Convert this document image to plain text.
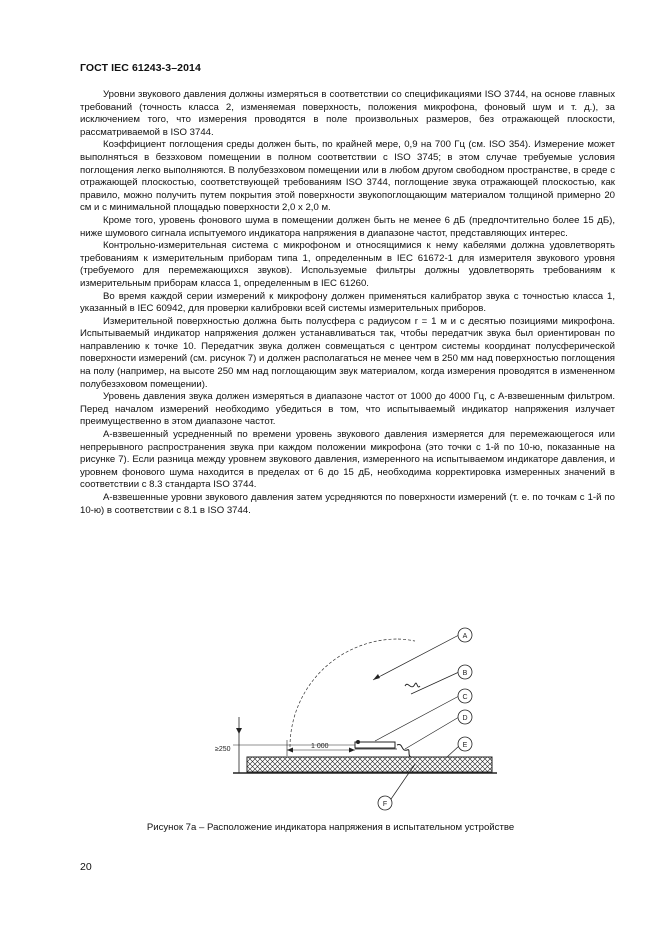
ГОСТ IEC 61243-3–2014

Уровни звукового давления должны измеряться в соответствии со спецификациями ISO 3744, на основе главных требований (точность класса 2, изменяемая поверхность, положения микрофона, фоновый шум и т. д.), за исключением того, что измерения проводятся в поле произвольных размеров, без отражающей плоскости, рассматриваемой в ISO 3744.

Коэффициент поглощения среды должен быть, по крайней мере, 0,9 на 700 Гц (см. ISO 354). Измерение может выполняться в безэховом помещении в полном соответствии с ISO 3745; в этом случае требуемые условия поглощения легко выполняются. В полубезэховом помещении или в любом другом свободном пространстве, в среде с отражающей плоскостью, соответствующей требованиям ISO 3744, поглощение звука отражающей плоскостью, как правило, можно получить путем покрытия этой поверхности звукопоглощающим материалом толщиной примерно 20 см и с минимальной площадью поверхности 2,0 х 2,0 м.

Кроме того, уровень фонового шума в помещении должен быть не менее 6 дБ (предпочтительно более 15 дБ), ниже шумового сигнала испытуемого индикатора напряжения в диапазоне частот, представляющих интерес.

Контрольно-измерительная система с микрофоном и относящимися к нему кабелями должна удовлетворять требованиям к измерительным приборам типа 1, определенным в IEC 61672-1 для измерителя звукового уровня (требуемого для перемежающихся звуков). Используемые фильтры должны удовлетворять требованиям к измерительным приборам класса 1, определенным в IEC 61260.

Во время каждой серии измерений к микрофону должен применяться калибратор звука с точностью класса 1, указанный в IEC 60942, для проверки калибровки всей системы измерительных приборов.

Измерительной поверхностью должна быть полусфера с радиусом r = 1 м и с десятью позициями микрофона. Испытываемый индикатор напряжения должен устанавливаться так, чтобы передатчик звука был ориентирован по направлению к точке 10. Передатчик звука должен совмещаться с центром системы координат полусферической поверхности измерений (см. рисунок 7) и должен располагаться не менее чем в 250 мм над поверхностью поглощения на полу (например, на высоте 250 мм над поглощающим звук материалом, когда измерения проводятся в измененном полубезэховом помещении).

Уровень давления звука должен измеряться в диапазоне частот от 1000 до 4000 Гц, с А-взвешенным фильтром. Перед началом измерений необходимо убедиться в том, что испытываемый индикатор напряжения излучает преимущественно в этом диапазоне частот.

А-взвешенный усредненный по времени уровень звукового давления измеряется для перемежающегося или непрерывного распространения звука при каждом положении микрофона (это точки с 1-й по 10-ю, показанные на рисунке 7). Если разница между уровнем звукового давления, измеренного на испытываемом индикаторе давления, и уровнем фонового шума находится в пределах от 6 до 15 дБ, необходима корректировка измеренных значений в соответствии с 8.3 стандарта ISO 3744.

А-взвешенные уровни звукового давления затем усредняются по поверхности измерений (т. е. по точкам с 1-й по 10-ю) в соответствии с 8.1 в ISO 3744.

≥250	1 000
A
B
C
D
E
F
Рисунок 7а – Расположение индикатора напряжения в испытательном устройстве
20
